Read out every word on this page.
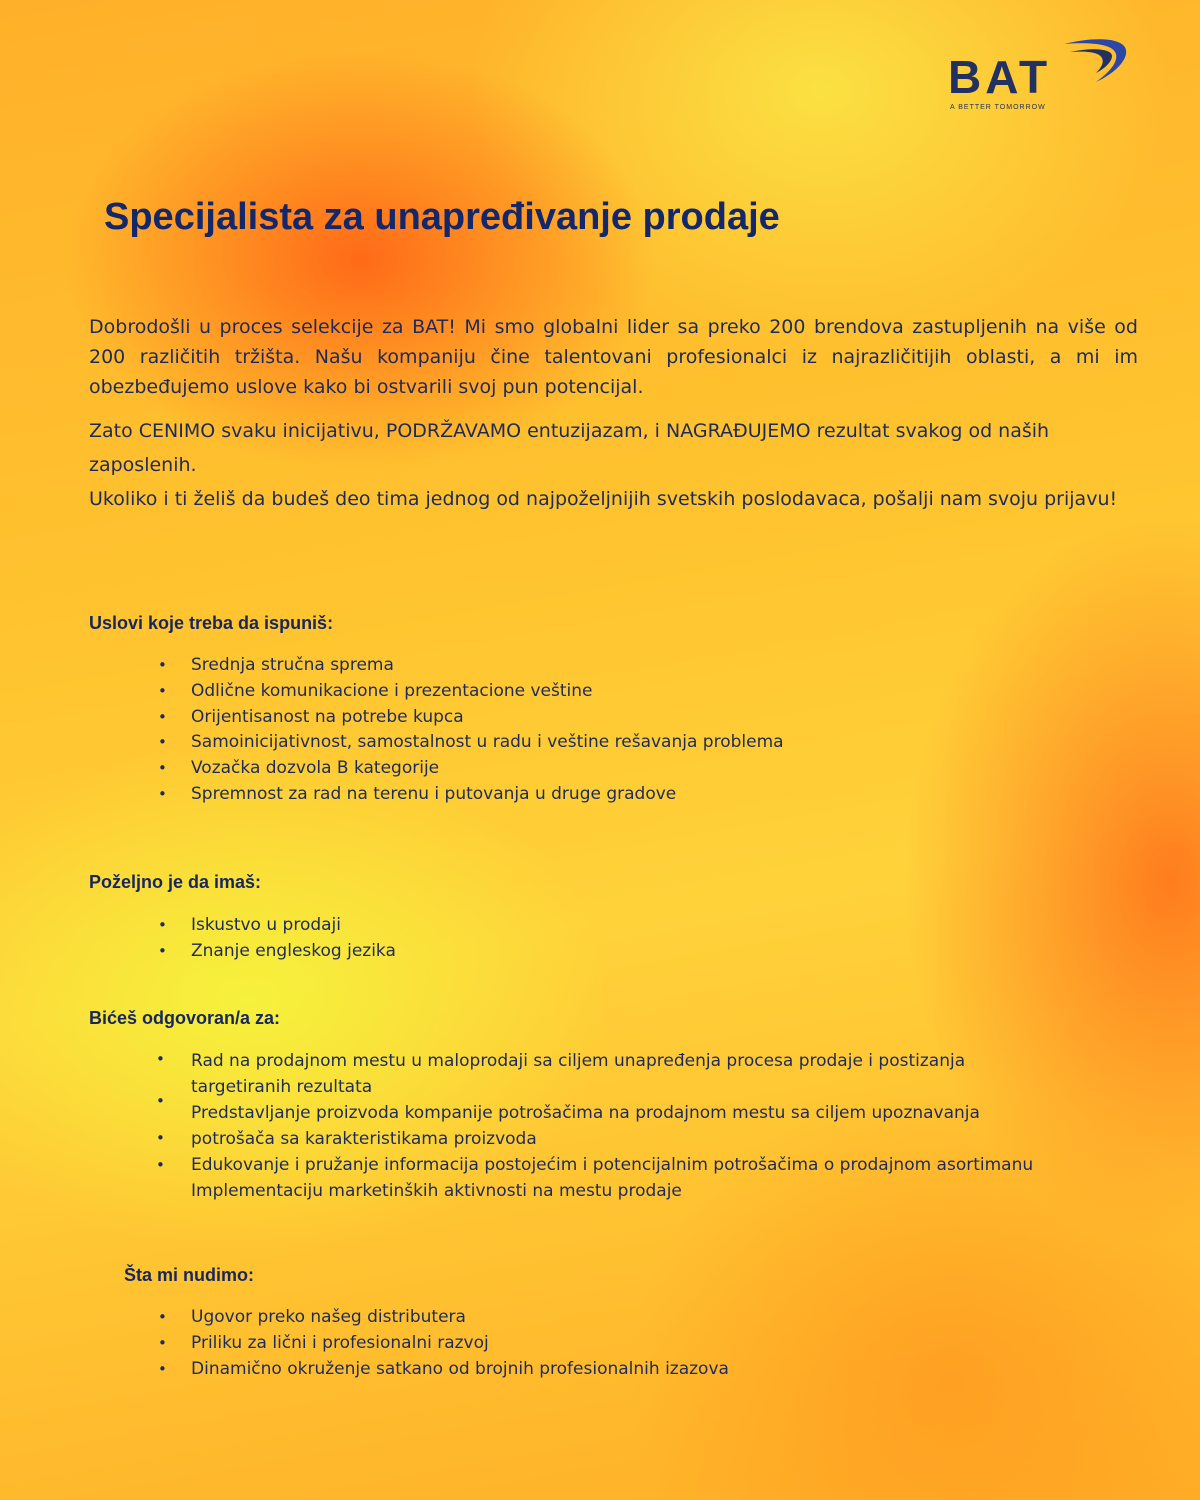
BAT
A BETTER TOMORROW
Specijalista za unapređivanje prodaje

Dobrodošli u proces selekcije za BAT! Mi smo globalni lider sa preko 200 brendova zastupljenih na više od 200 različitih tržišta. Našu kompaniju čine talentovani profesionalci iz najrazličitijih oblasti, a mi im obezbeđujemo uslove kako bi ostvarili svoj pun potencijal.

Zato CENIMO svaku inicijativu, PODRŽAVAMO entuzijazam, i NAGRAĐUJEMO rezultat svakog od naših zaposlenih.

Ukoliko i ti želiš da budeš deo tima jednog od najpoželjnijih svetskih poslodavaca, pošalji nam svoju prijavu!

Uslovi koje treba da ispuniš:
• Srednja stručna sprema
• Odlične komunikacione i prezentacione veštine
• Orijentisanost na potrebe kupca
• Samoinicijativnost, samostalnost u radu i veštine rešavanja problema
• Vozačka dozvola B kategorije
• Spremnost za rad na terenu i putovanja u druge gradove
Poželjno je da imaš:
• Iskustvo u prodaji
• Znanje engleskog jezika
Bićeš odgovoran/a za:
•
•
•
•
Rad na prodajnom mestu u maloprodaji sa ciljem unapređenja procesa prodaje i postizanja
targetiranih rezultata
Predstavljanje proizvoda kompanije potrošačima na prodajnom mestu sa ciljem upoznavanja
potrošača sa karakteristikama proizvoda
Edukovanje i pružanje informacija postojećim i potencijalnim potrošačima o prodajnom asortimanu
Implementaciju marketinških aktivnosti na mestu prodaje
Šta mi nudimo:
• Ugovor preko našeg distributera
• Priliku za lični i profesionalni razvoj
• Dinamično okruženje satkano od brojnih profesionalnih izazova
